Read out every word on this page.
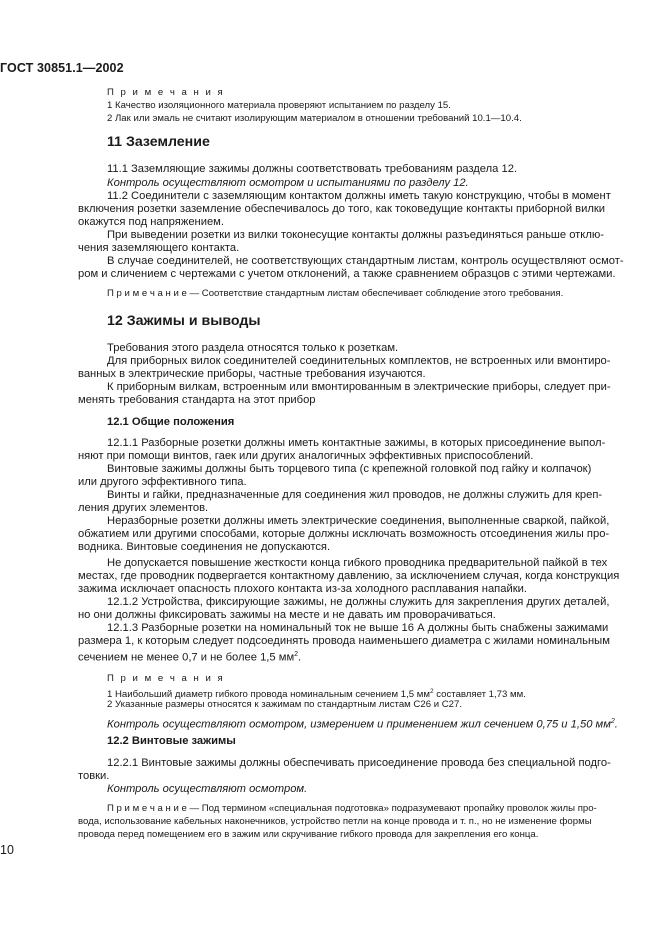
ГОСТ 30851.1—2002
П р и м е ч а н и я
1 Качество изоляционного материала проверяют испытанием по разделу 15.
2 Лак или эмаль не считают изолирующим материалом в отношении требований 10.1—10.4.
11 Заземление
11.1 Заземляющие зажимы должны соответствовать требованиям раздела 12.
Контроль осуществляют осмотром и испытаниями по разделу 12.
11.2 Соединители с заземляющим контактом должны иметь такую конструкцию, чтобы в момент
включения розетки заземление обеспечивалось до того, как токоведущие контакты приборной вилки
окажутся под напряжением.
При выведении розетки из вилки токонесущие контакты должны разъединяться раньше отклю-
чения заземляющего контакта.
В случае соединителей, не соответствующих стандартным листам, контроль осуществляют осмот-
ром и сличением с чертежами с учетом отклонений, а также сравнением образцов с этими чертежами.
П р и м е ч а н и е — Соответствие стандартным листам обеспечивает соблюдение этого требования.
12 Зажимы и выводы
Требования этого раздела относятся только к розеткам.
Для приборных вилок соединителей соединительных комплектов, не встроенных или вмонтиро-
ванных в электрические приборы, частные требования изучаются.
К приборным вилкам, встроенным или вмонтированным в электрические приборы, следует при-
менять требования стандарта на этот прибор
12.1 Общие положения
12.1.1 Разборные розетки должны иметь контактные зажимы, в которых присоединение выпол-
няют при помощи винтов, гаек или других аналогичных эффективных приспособлений.
Винтовые зажимы должны быть торцевого типа (с крепежной головкой под гайку и колпачок)
или другого эффективного типа.
Винты и гайки, предназначенные для соединения жил проводов, не должны служить для креп-
ления других элементов.
Неразборные розетки должны иметь электрические соединения, выполненные сваркой, пайкой,
обжатием или другими способами, которые должны исключать возможность отсоединения жилы про-
водника. Винтовые соединения не допускаются.
Не допускается повышение жесткости конца гибкого проводника предварительной пайкой в тех
местах, где проводник подвергается контактному давлению, за исключением случая, когда конструкция
зажима исключает опасность плохого контакта из-за холодного расплавания напайки.
12.1.2 Устройства, фиксирующие зажимы, не должны служить для закрепления других деталей,
но они должны фиксировать зажимы на месте и не давать им проворачиваться.
12.1.3 Разборные розетки на номинальный ток не выше 16 А должны быть снабжены зажимами
размера 1, к которым следует подсоединять провода наименьшего диаметра с жилами номинальным
сечением не менее 0,7 и не более 1,5 $мм^2$.
П р и м е ч а н и я
1 Наибольший диаметр гибкого провода номинальным сечением 1,5 $мм^2$ составляет 1,73 мм.
2 Указанные размеры относятся к зажимам по стандартным листам С26 и С27.
Контроль осуществляют осмотром, измерением и применением жил сечением 0,75 и 1,50 $мм^2$.
12.2 Винтовые зажимы
12.2.1 Винтовые зажимы должны обеспечивать присоединение провода без специальной подго-
товки.
Контроль осуществляют осмотром.
П р и м е ч а н и е — Под термином «специальная подготовка» подразумевают пропайку проволок жилы про-
вода, использование кабельных наконечников, устройство петли на конце провода и т. п., но не изменение формы
провода перед помещением его в зажим или скручивание гибкого провода для закрепления его конца.
10
